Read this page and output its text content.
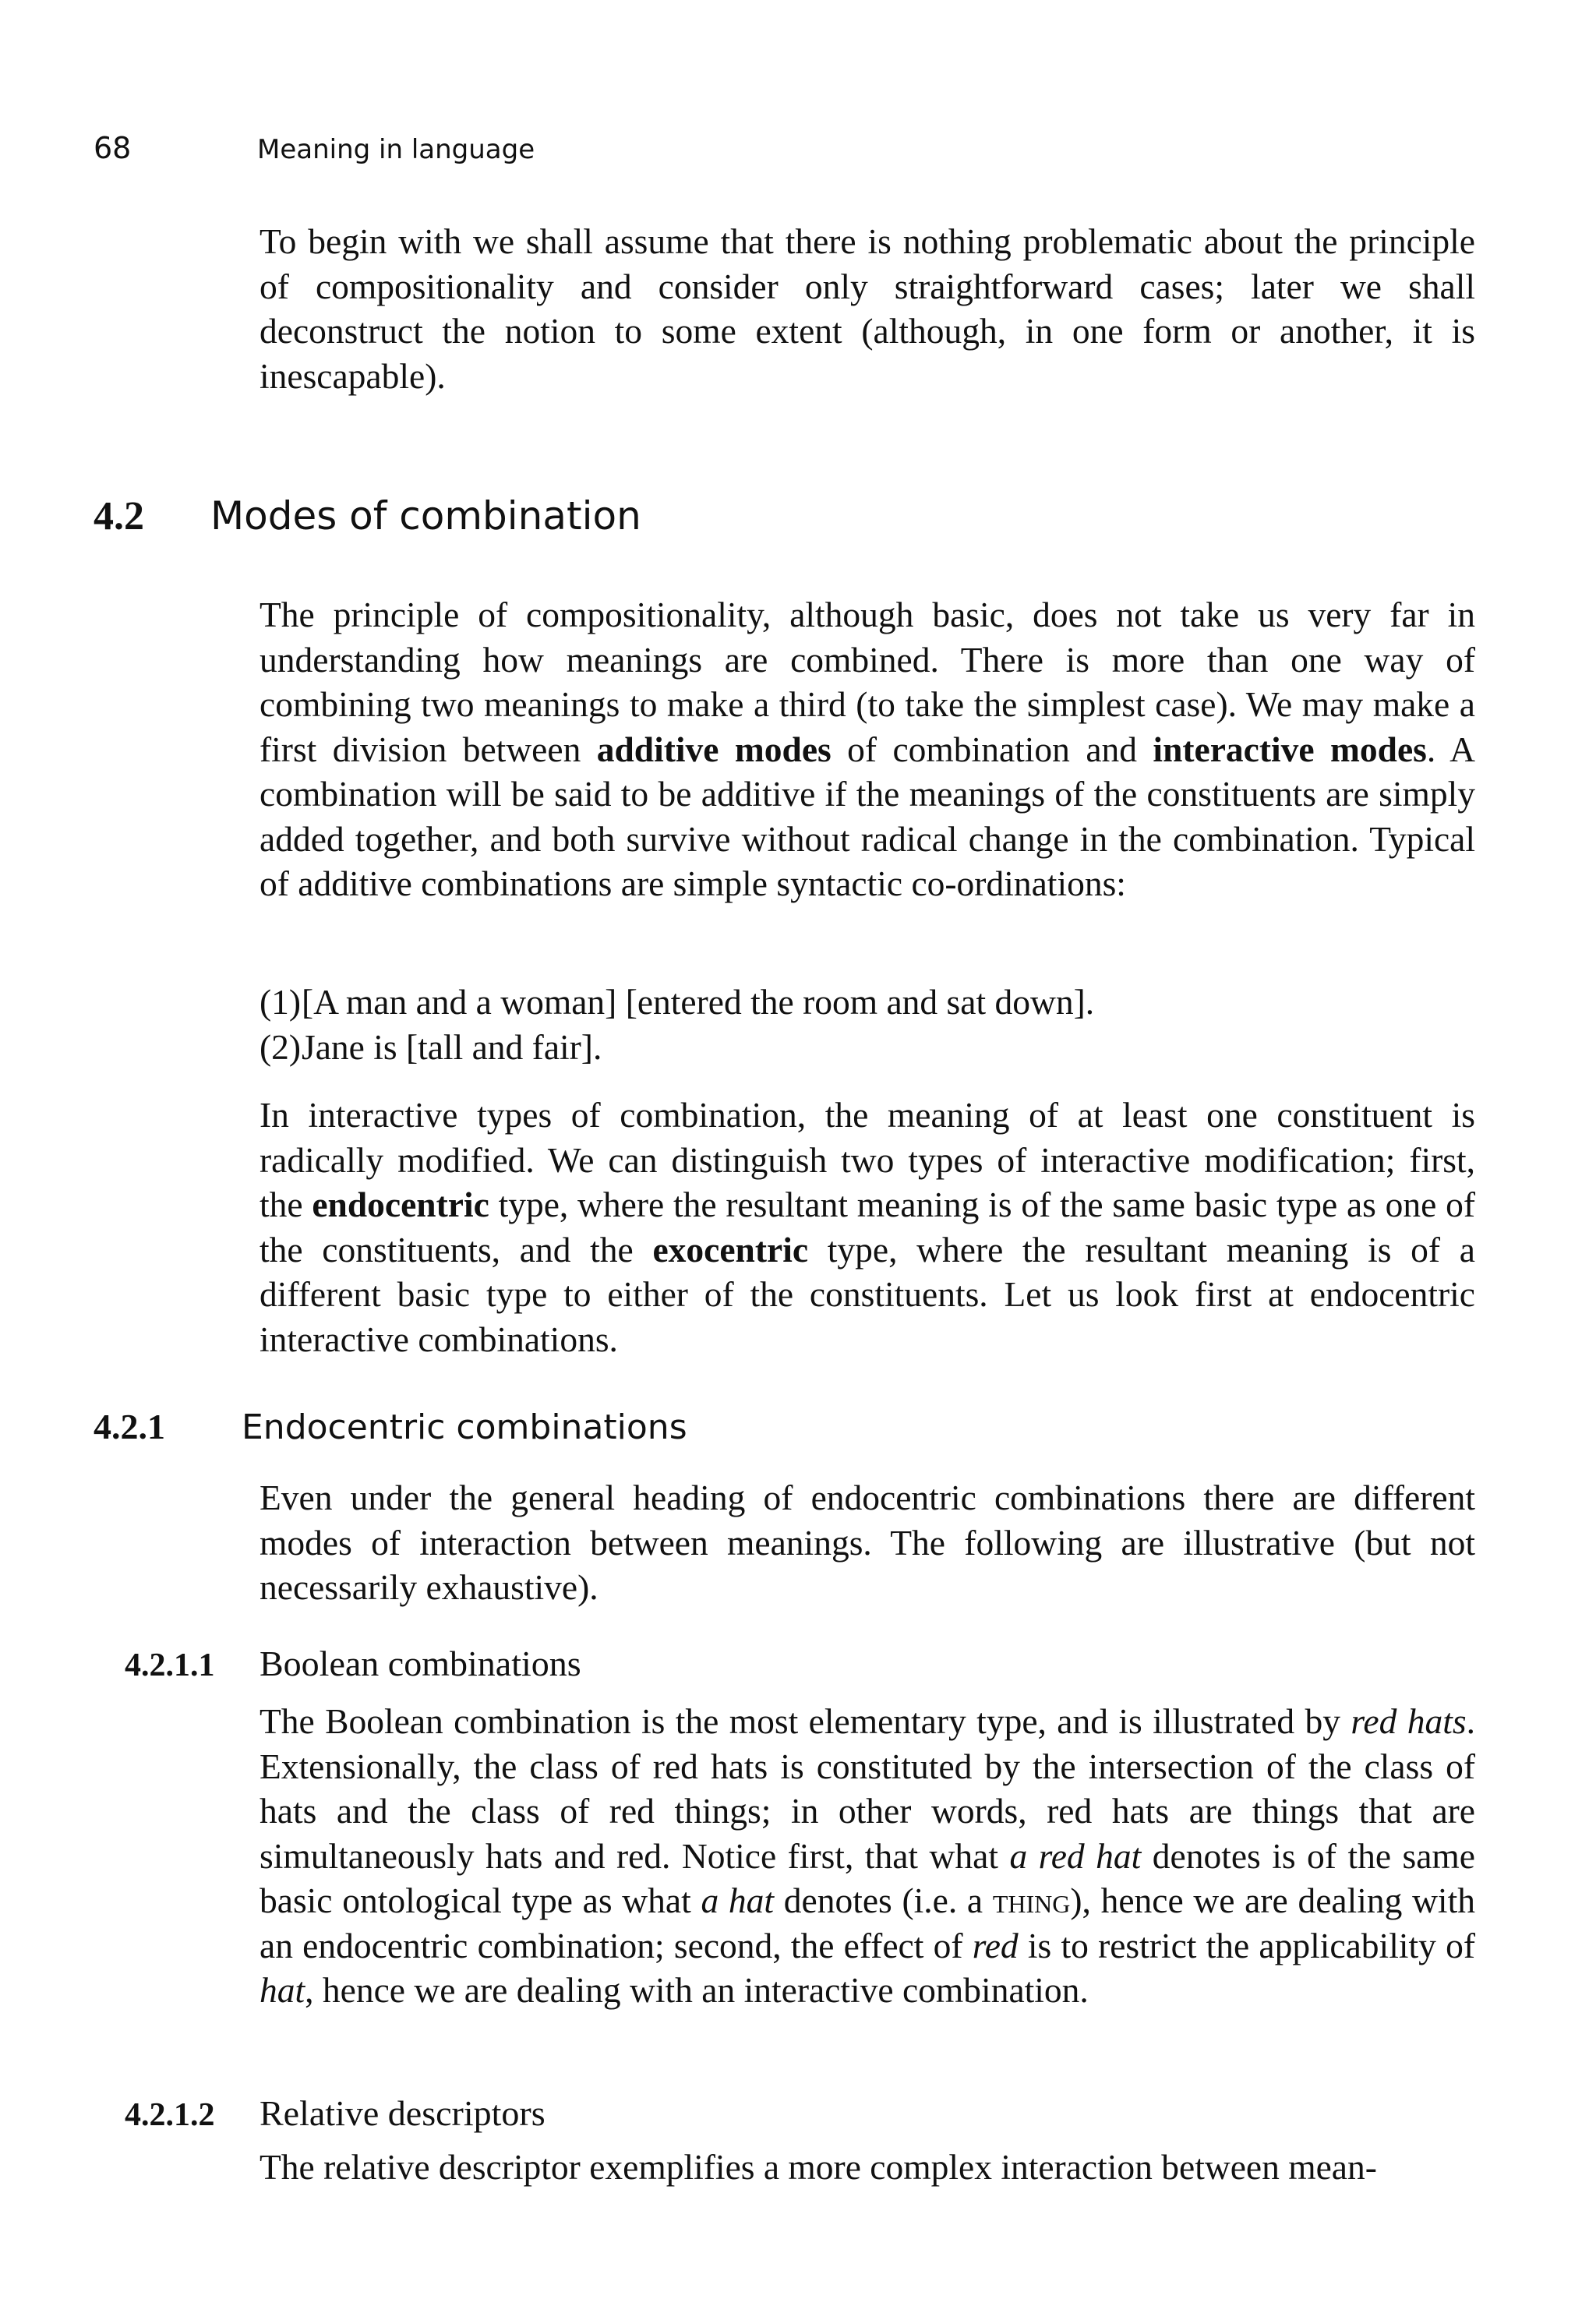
68	Meaning in language

To begin with we shall assume that there is nothing problematic about the principle of compositionality and consider only straightforward cases; later we shall deconstruct the notion to some extent (although, in one form or another, it is inescapable).

4.2 Modes of combination

The principle of compositionality, although basic, does not take us very far in understanding how meanings are combined. There is more than one way of combining two meanings to make a third (to take the simplest case). We may make a first division between additive modes of combination and interactive modes. A combination will be said to be additive if the meanings of the constituents are simply added together, and both survive without radical change in the combination. Typical of additive combinations are simple syntactic co-ordinations:

(1)[A man and a woman] [entered the room and sat down].
(2)Jane is [tall and fair].

In interactive types of combination, the meaning of at least one constituent is radically modified. We can distinguish two types of interactive modification; first, the endocentric type, where the resultant meaning is of the same basic type as one of the constituents, and the exocentric type, where the resultant meaning is of a different basic type to either of the constituents. Let us look first at endocentric interactive combinations.

4.2.1 Endocentric combinations

Even under the general heading of endocentric combinations there are different modes of interaction between meanings. The following are illustrative (but not necessarily exhaustive).

4.2.1.1 Boolean combinations

The Boolean combination is the most elementary type, and is illustrated by red hats. Extensionally, the class of red hats is constituted by the intersection of the class of hats and the class of red things; in other words, red hats are things that are simultaneously hats and red. Notice first, that what a red hat denotes is of the same basic ontological type as what a hat denotes (i.e. a thing), hence we are dealing with an endocentric combination; second, the effect of red is to restrict the applicability of hat, hence we are dealing with an interactive combination.

4.2.1.2 Relative descriptors

The relative descriptor exemplifies a more complex interaction between mean-
